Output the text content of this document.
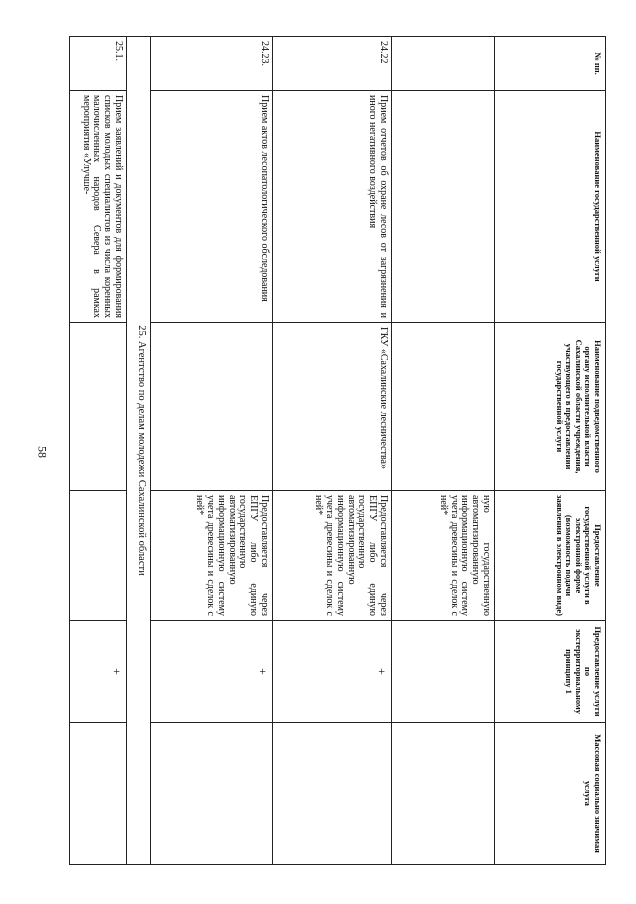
58
№ пп.	Наименование государственной услуги	Наименование подведомственного органу исполнительной власти Сахалинской области учреждения, участвующего в предоставлении государственной услуги	Предоставление государственной услуги в электронной форме (возможность подачи заявления в электронном виде)	Предоставление услуги по экстерриториальному принципу 1	Массовая социально значимая услуга
			ную государственную автоматизированную информационную систему учета древесины и сделок с ней*		
24.22	Прием отчетов об охране лесов от загрязнения и иного негативного воздействия	ГКУ «Сахалинские лесничества»	Предоставляется через ЕПГУ либо единую государственную автоматизированную информационную систему учета древесины и сделок с ней*	+	
24.23.	Прием актов лесопатологического обследования		Предоставляется через ЕПГУ либо единую государственную автоматизированную информационную систему учета древесины и сделок с ней*	+	
25. Агентство по делам молодежи Сахалинской области					
25.1.	Прием заявлений и документов для формирования списков молодых специалистов из числа коренных малочисленных народов Севера в рамках мероприятия «Улучше-			+	
